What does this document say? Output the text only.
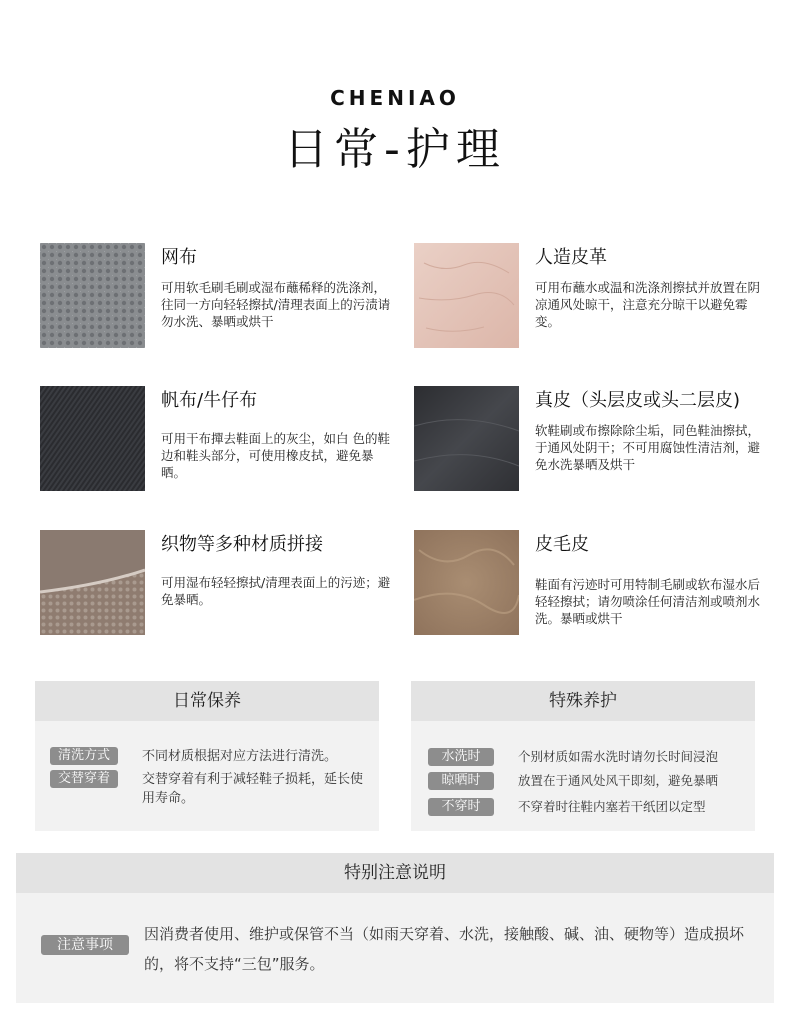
CHENIAO
日常-护理
网布
可用软毛刷毛刷或湿布蘸稀释的洗涤剂，往同一方向轻轻擦拭/清理表面上的污渍请勿水洗、暴晒或烘干
人造皮革
可用布蘸水或温和洗涤剂擦拭并放置在阴凉通风处晾干，注意充分晾干以避免霉变。
帆布/牛仔布
可用干布撣去鞋面上的灰尘，如白 色的鞋边和鞋头部分，可使用橡皮拭，避免暴晒。
真皮（头层皮或头二层皮)
软鞋刷或布擦除除尘垢，同色鞋油擦拭，于通风处阴干；不可用腐蚀性清洁剂，避免水洗暴晒及烘干
织物等多种材质拼接
可用湿布轻轻擦拭/清理表面上的污迹；避免暴晒。
皮毛皮
鞋面有污迹时可用特制毛刷或软布湿水后轻轻擦拭；请勿喷涂任何清洁剂或喷剂水洗。暴晒或烘干
日常保养
清洗方式	不同材质根据对应方法进行清洗。
交替穿着	交替穿着有利于减轻鞋子损耗，延长使用寿命。
特殊养护
水洗时	个别材质如需水洗时请勿长时间浸泡
晾晒时	放置在于通风处风干即刻，避免暴晒
不穿时	不穿着时往鞋内塞若干纸团以定型
特别注意说明
注意事项
因消费者使用、维护或保管不当（如雨天穿着、水洗，接触酸、碱、油、硬物等）造成损坏的，将不支持“三包”服务。
